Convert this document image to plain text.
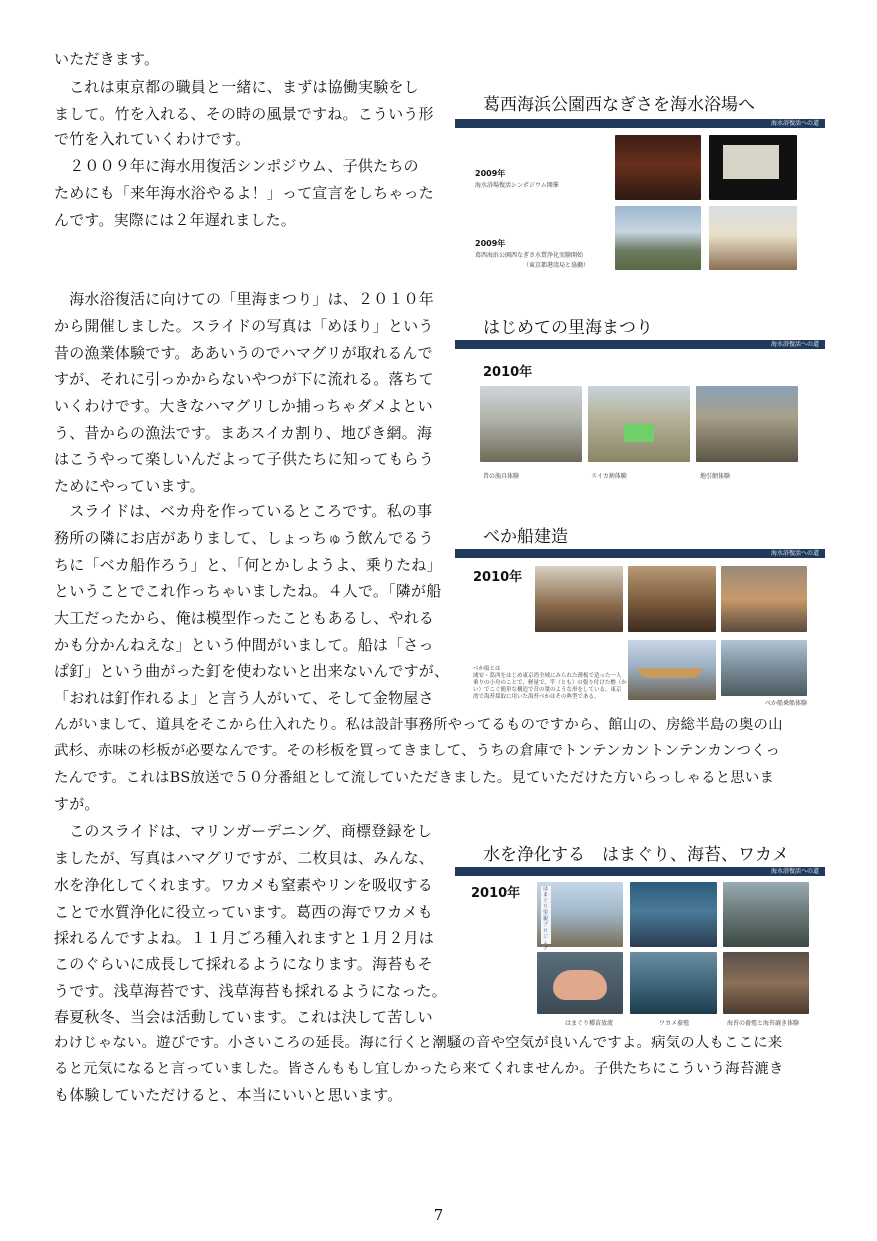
いただきます。
　これは東京都の職員と一緒に、まずは協働実験をし
まして。竹を入れる、その時の風景ですね。こういう形
で竹を入れていくわけです。
　２００９年に海水用復活シンポジウム、子供たちの
ためにも「来年海水浴やるよ！」って宣言をしちゃった
んです。実際には２年遅れました。
　海水浴復活に向けての「里海まつり」は、２０１０年
から開催しました。スライドの写真は「めほり」という
昔の漁業体験です。ああいうのでハマグリが取れるんで
すが、それに引っかからないやつが下に流れる。落ちて
いくわけです。大きなハマグリしか捕っちゃダメよとい
う、昔からの漁法です。まあスイカ割り、地びき網。海
はこうやって楽しいんだよって子供たちに知ってもらう
ためにやっています。
　スライドは、ベカ舟を作っているところです。私の事
務所の隣にお店がありまして、しょっちゅう飲んでるう
ちに「ベカ船作ろう」と、「何とかしようよ、乗りたね」
ということでこれ作っちゃいましたね。４人で。「隣が船
大工だったから、俺は模型作ったこともあるし、やれる
かも分かんねえな」という仲間がいまして。船は「さっ
ぱ釘」という曲がった釘を使わないと出来ないんですが、
「おれは釘作れるよ」と言う人がいて、そして金物屋さ
んがいまして、道具をそこから仕入れたり。私は設計事務所やってるものですから、館山の、房総半島の奥の山
武杉、赤味の杉板が必要なんです。その杉板を買ってきまして、うちの倉庫でトンテンカントンテンカンつくっ
たんです。これはBS放送で５０分番組として流していただきました。見ていただけた方いらっしゃると思いま
すが。
　このスライドは、マリンガーデニング、商標登録をし
ましたが、写真はハマグリですが、二枚貝は、みんな、
水を浄化してくれます。ワカメも窒素やリンを吸収する
ことで水質浄化に役立っています。葛西の海でワカメも
採れるんですよね。１１月ごろ種入れますと１月２月は
このぐらいに成長して採れるようになります。海苔もそ
うです。浅草海苔です、浅草海苔も採れるようになった。
春夏秋冬、当会は活動しています。これは決して苦しい
わけじゃない。遊びです。小さいころの延長。海に行くと潮騒の音や空気が良いんですよ。病気の人もここに来
ると元気になると言っていました。皆さんももし宜しかったら来てくれませんか。子供たちにこういう海苔漉き
も体験していただけると、本当にいいと思います。
葛西海浜公園西なぎさを海水浴場へ
海水浴復活への道
2009年
海水浴場復活シンポジウム開催
2009年
葛西海浜公園西なぎさ水質浄化実験開始
（東京都港湾局と協働）
はじめての里海まつり
海水浴復活への道
2010年
昔の漁具体験	スイカ割体験	地引網体験
べか船建造
海水浴復活への道
2010年
べか船とは
浦安・葛西をはじめ東京湾全域にみられた薄板で造った一人
乗りの小舟のことで、軽量で、竿（とも）の張り付けた櫓（か
い）でこぐ簡単な構造で昔の葉のような形をしている。東京
湾で海苔採取に用いた海苔べかはその典型である。
べか船乗船体験
水を浄化する　はまぐり、海苔、ワカメ
海水浴復活への道
2010年	はまぐり里親プロジェク
はまぐり種苗放流	ワカメ養殖	海苔の養殖と海苔漉き体験
7
